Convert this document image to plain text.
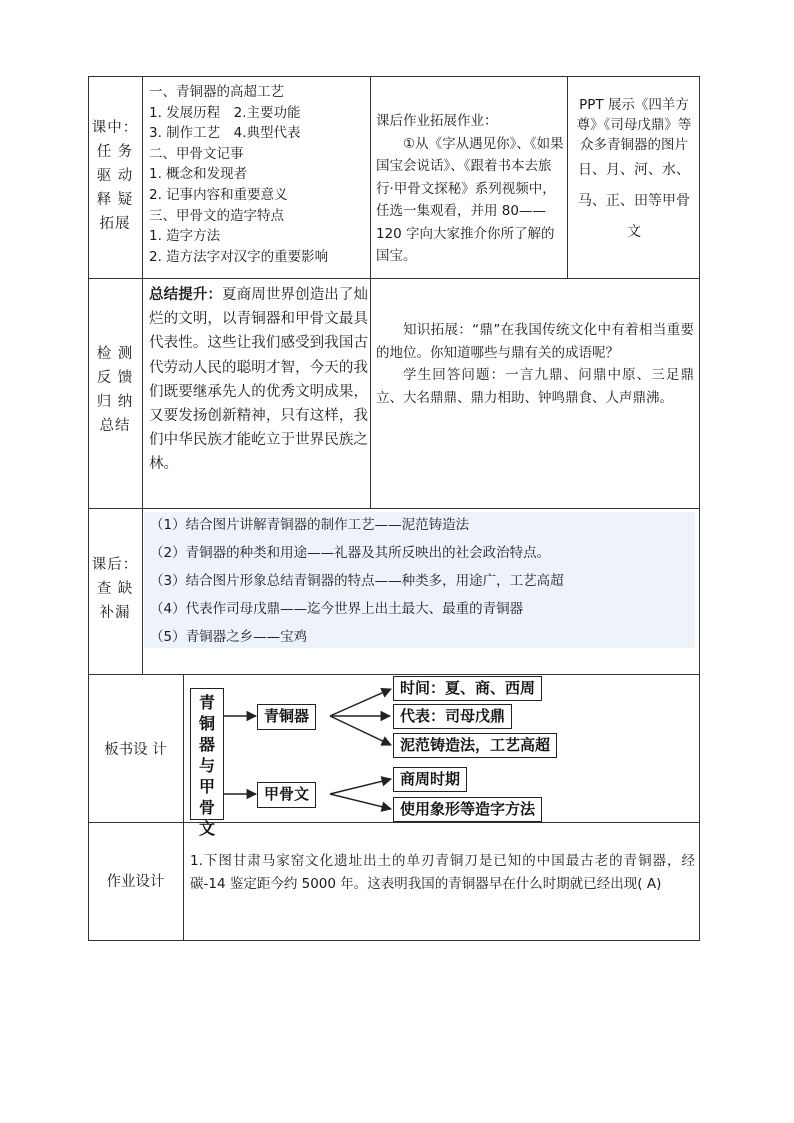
课中：
任 务
驱 动
释 疑
拓展
一、青铜器的高超工艺
1. 发展历程　2.主要功能
3. 制作工艺　4.典型代表
二、甲骨文记事
1. 概念和发现者
2. 记事内容和重要意义
三、甲骨文的造字特点
1. 造字方法
2. 造方法字对汉字的重要影响
课后作业拓展作业：
①从《字从遇见你》、《如果国宝会说话》、《跟着书本去旅行·甲骨文探秘》系列视频中，任选一集观看，并用 80——120 字向大家推介你所了解的国宝。
PPT 展示《四羊方尊》《司母戊鼎》等众多青铜器的图片
日、月、河、水、马、正、田等甲骨文
检 测
反 馈
归 纳
总结
总结提升：夏商周世界创造出了灿烂的文明，以青铜器和甲骨文最具代表性。这些让我们感受到我国古代劳动人民的聪明才智，今天的我们既要继承先人的优秀文明成果，又要发扬创新精神，只有这样，我们中华民族才能屹立于世界民族之林。
知识拓展：“鼎”在我国传统文化中有着相当重要的地位。你知道哪些与鼎有关的成语呢？
学生回答问题：一言九鼎、问鼎中原、三足鼎立、大名鼎鼎、鼎力相助、钟鸣鼎食、人声鼎沸。
课后：
查 缺
补漏
（1）结合图片讲解青铜器的制作工艺——泥范铸造法
（2）青铜器的种类和用途——礼器及其所反映出的社会政治特点。
（3）结合图片形象总结青铜器的特点——种类多，用途广，工艺高超
（4）代表作司母戊鼎——迄今世界上出土最大、最重的青铜器
（5）青铜器之乡——宝鸡
板书设 计
青
铜
器
与
甲
骨
文
青铜器
甲骨文
时间：夏、商、西周
代表：司母戊鼎
泥范铸造法，工艺高超
商周时期
使用象形等造字方法
作业设计
1.下图甘肃马家窑文化遗址出土的单刃青铜刀是已知的中国最古老的青铜器，经碳-14 鉴定距今约 5000 年。这表明我国的青铜器早在什么时期就已经出现( A)
